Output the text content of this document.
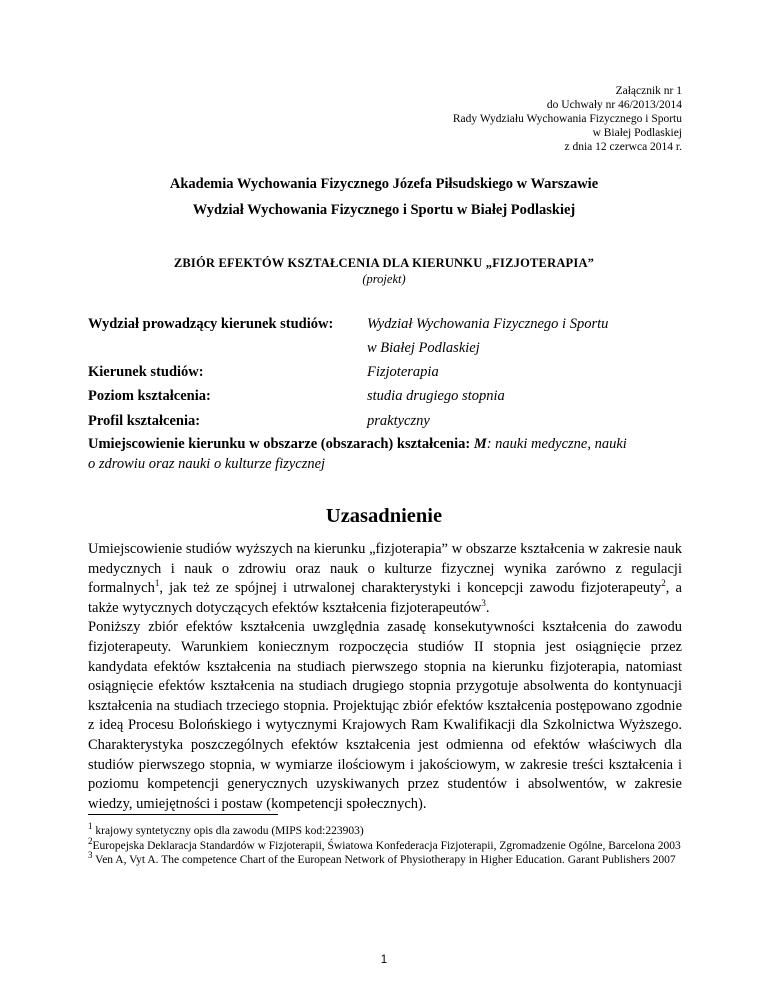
Załącznik nr 1
do Uchwały nr 46/2013/2014
Rady Wydziału Wychowania Fizycznego i Sportu
w Białej Podlaskiej
z dnia 12 czerwca 2014 r.
Akademia Wychowania Fizycznego Józefa Piłsudskiego w Warszawie
Wydział Wychowania Fizycznego i Sportu w Białej Podlaskiej
ZBIÓR EFEKTÓW KSZTAŁCENIA DLA KIERUNKU „FIZJOTERAPIA”
(projekt)
Wydział prowadzący kierunek studiów: Wydział Wychowania Fizycznego i Sportu
w Białej Podlaskiej
Kierunek studiów:	Fizjoterapia
Poziom kształcenia:	studia drugiego stopnia
Profil kształcenia:	praktyczny
Umiejscowienie kierunku w obszarze (obszarach) kształcenia: M: nauki medyczne, nauki
o zdrowiu oraz nauki o kulturze fizycznej
Uzasadnienie

Umiejscowienie studiów wyższych na kierunku „fizjoterapia” w obszarze kształcenia w zakresie nauk medycznych i nauk o zdrowiu oraz nauk o kulturze fizycznej wynika zarówno z regulacji formalnych$^1$, jak też ze spójnej i utrwalonej charakterystyki i koncepcji zawodu fizjoterapeuty$^2$, a także wytycznych dotyczących efektów kształcenia fizjoterapeutów$^3$.

Poniższy zbiór efektów kształcenia uwzględnia zasadę konsekutywności kształcenia do zawodu fizjoterapeuty. Warunkiem koniecznym rozpoczęcia studiów II stopnia jest osiągnięcie przez kandydata efektów kształcenia na studiach pierwszego stopnia na kierunku fizjoterapia, natomiast osiągnięcie efektów kształcenia na studiach drugiego stopnia przygotuje absolwenta do kontynuacji kształcenia na studiach trzeciego stopnia. Projektując zbiór efektów kształcenia postępowano zgodnie z ideą Procesu Bolońskiego i wytycznymi Krajowych Ram Kwalifikacji dla Szkolnictwa Wyższego. Charakterystyka poszczególnych efektów kształcenia jest odmienna od efektów właściwych dla studiów pierwszego stopnia, w wymiarze ilościowym i jakościowym, w zakresie treści kształcenia i poziomu kompetencji generycznych uzyskiwanych przez studentów i absolwentów, w zakresie wiedzy, umiejętności i postaw (kompetencji społecznych).

$^1$ krajowy syntetyczny opis dla zawodu (MIPS kod:223903)

$^2$Europejska Deklaracja Standardów w Fizjoterapii, Światowa Konfederacja Fizjoterapii, Zgromadzenie Ogólne, Barcelona 2003

$^3$ Ven A, Vyt A. The competence Chart of the European Network of Physiotherapy in Higher Education. Garant Publishers 2007

1
